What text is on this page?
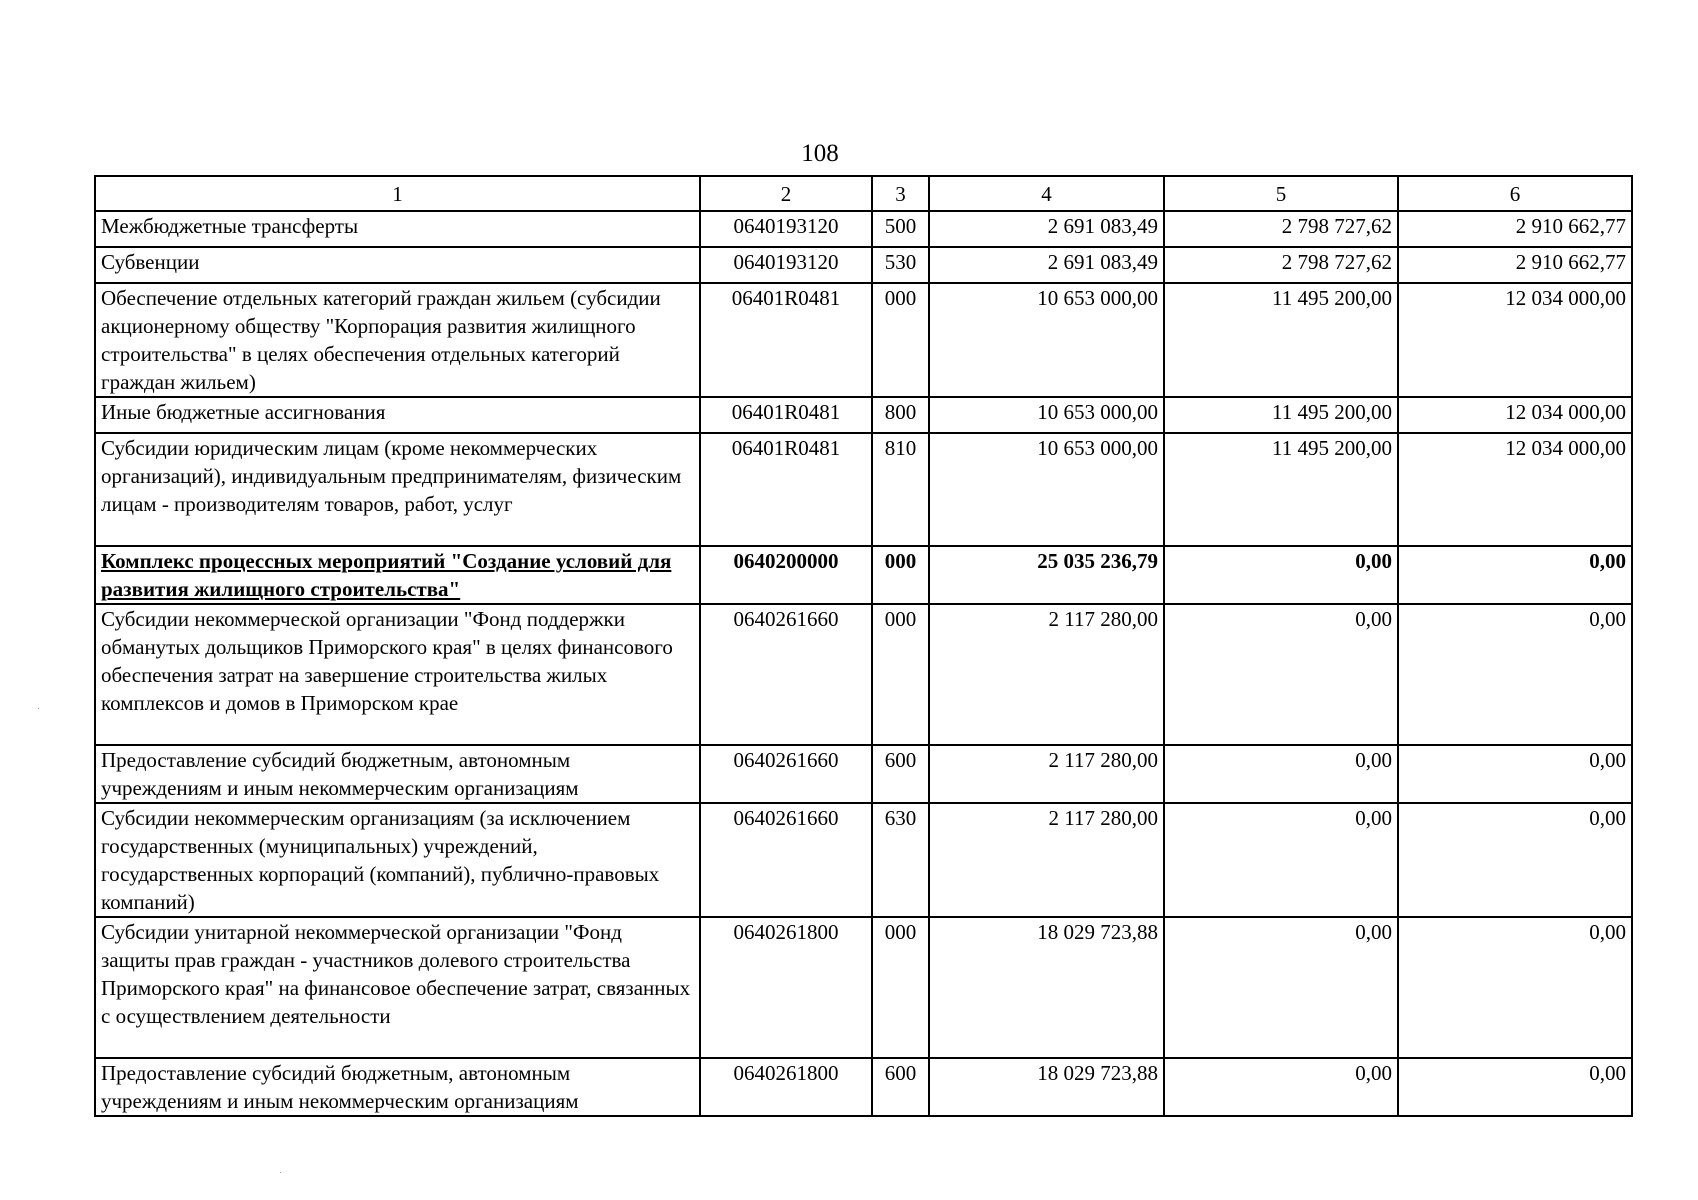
108
1	2	3	4	5	6
Межбюджетные трансферты	0640193120	500	2 691 083,49	2 798 727,62	2 910 662,77
Субвенции	0640193120	530	2 691 083,49	2 798 727,62	2 910 662,77
Обеспечение отдельных категорий граждан жильем (субсидии акционерному обществу "Корпорация развития жилищного строительства" в целях обеспечения отдельных категорий граждан жильем)	06401R0481	000	10 653 000,00	11 495 200,00	12 034 000,00
Иные бюджетные ассигнования	06401R0481	800	10 653 000,00	11 495 200,00	12 034 000,00
Субсидии юридическим лицам (кроме некоммерческих организаций), индивидуальным предпринимателям, физическим лицам - производителям товаров, работ, услуг	06401R0481	810	10 653 000,00	11 495 200,00	12 034 000,00
Комплекс процессных мероприятий "Создание условий для развития жилищного строительства"	0640200000	000	25 035 236,79	0,00	0,00
Субсидии некоммерческой организации "Фонд поддержки обманутых дольщиков Приморского края" в целях финансового обеспечения затрат на завершение строительства жилых комплексов и домов в Приморском крае	0640261660	000	2 117 280,00	0,00	0,00
Предоставление субсидий бюджетным, автономным учреждениям и иным некоммерческим организациям	0640261660	600	2 117 280,00	0,00	0,00
Субсидии некоммерческим организациям (за исключением государственных (муниципальных) учреждений, государственных корпораций (компаний), публично-правовых компаний)	0640261660	630	2 117 280,00	0,00	0,00
Субсидии унитарной некоммерческой организации "Фонд защиты прав граждан - участников долевого строительства Приморского края" на финансовое обеспечение затрат, связанных с осуществлением деятельности	0640261800	000	18 029 723,88	0,00	0,00
Предоставление субсидий бюджетным, автономным учреждениям и иным некоммерческим организациям	0640261800	600	18 029 723,88	0,00	0,00
